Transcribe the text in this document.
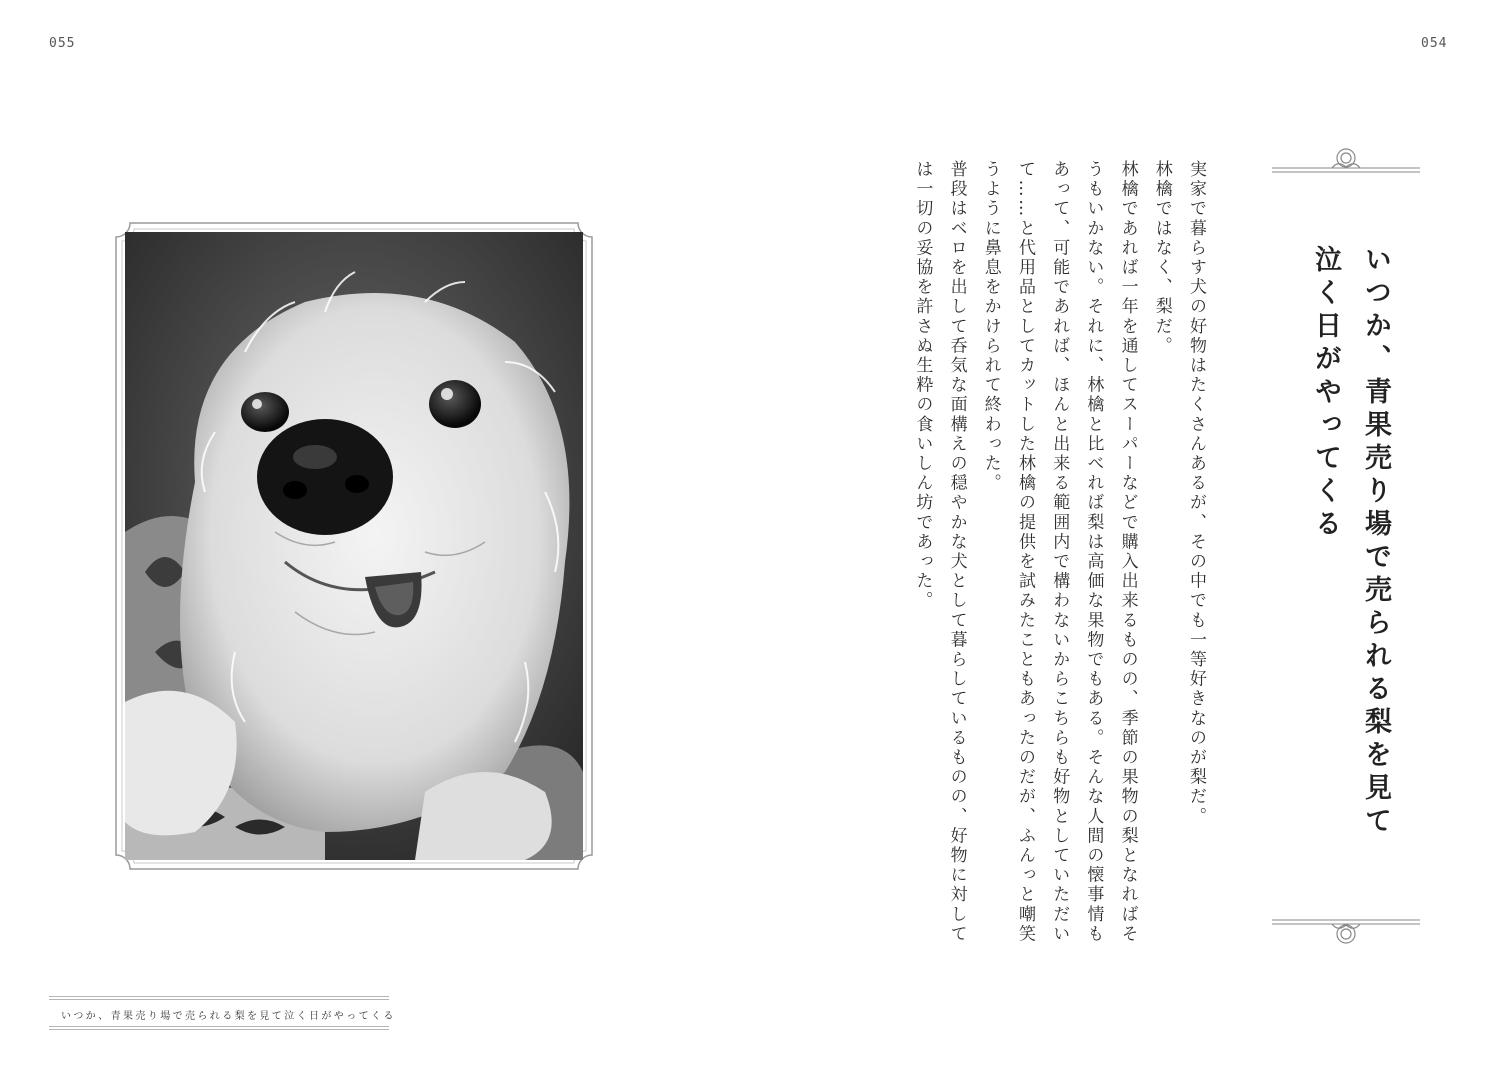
055	054
いつか、青果売り場で売られる梨を見て
泣く日がやってくる

実家で暮らす犬の好物はたくさんあるが、その中でも一等好きなのが梨だ。

林檎ではなく、梨だ。

林檎であれば一年を通してスーパーなどで購入出来るものの、季節の果物の梨となればそうもいかない。それに、林檎と比べれば梨は高価な果物でもある。そんな人間の懐事情もあって、可能であれば、ほんと出来る範囲内で構わないからこちらも好物としていただいて……と代用品としてカットした林檎の提供を試みたこともあったのだが、ふんっと嘲笑うように鼻息をかけられて終わった。

普段はベロを出して呑気な面構えの穏やかな犬として暮らしているものの、好物に対しては一切の妥協を許さぬ生粋の食いしん坊であった。

いつか、青果売り場で売られる梨を見て泣く日がやってくる
